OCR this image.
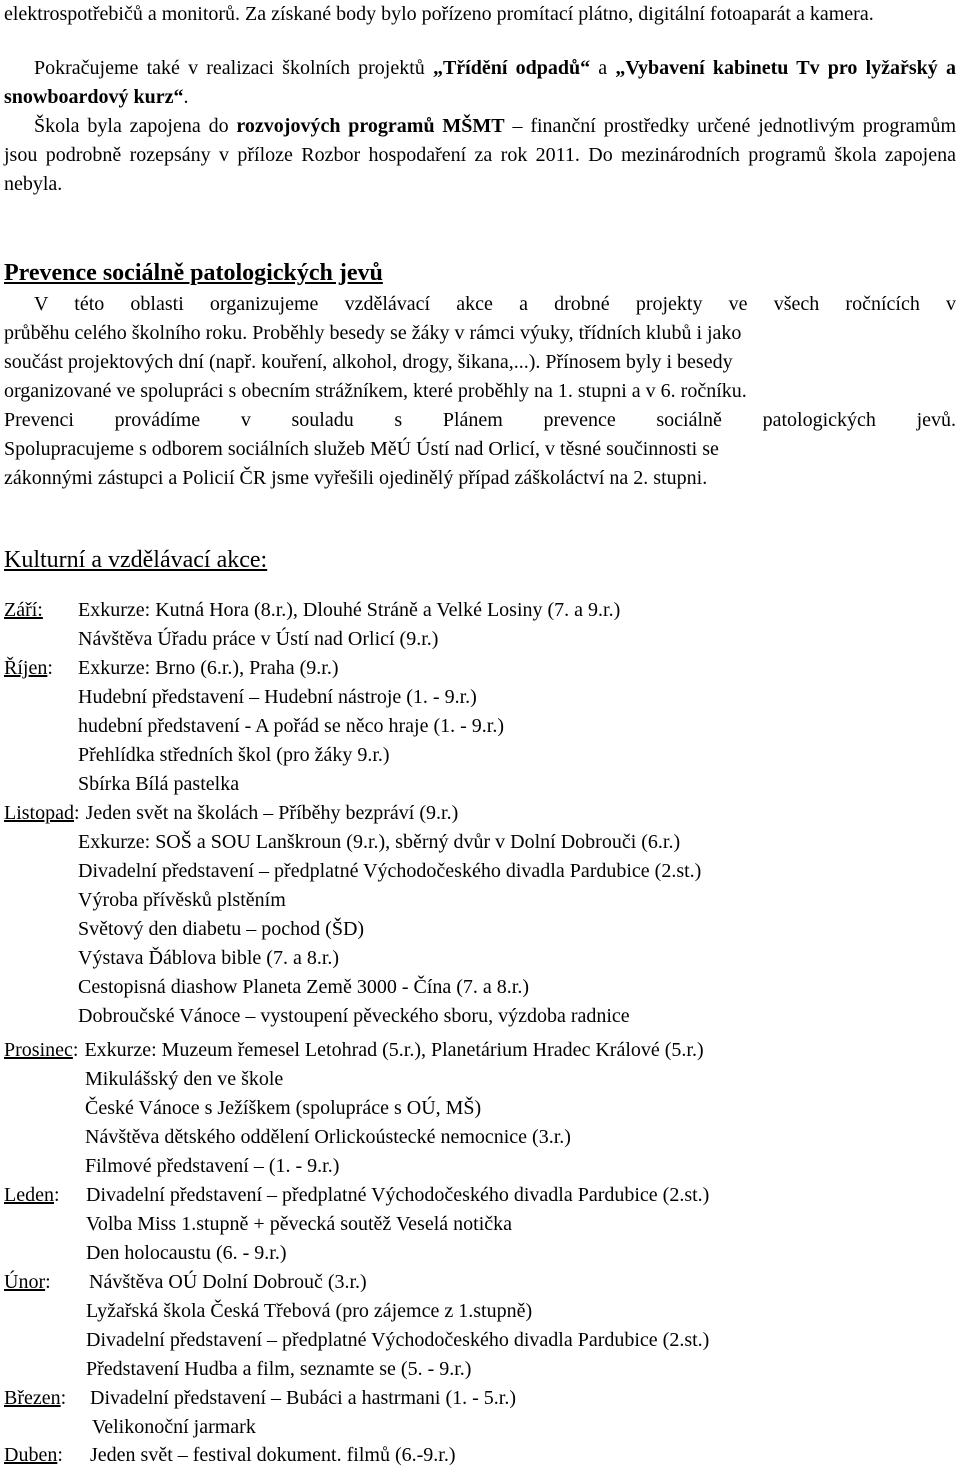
elektrospotřebičů a monitorů. Za získané body bylo pořízeno promítací plátno, digitální fotoaparát a kamera.
Pokračujeme také v realizaci školních projektů „Třídění odpadů“ a „Vybavení kabinetu Tv pro lyžařský a snowboardový kurz“.
Škola byla zapojena do rozvojových programů MŠMT – finanční prostředky určené jednotlivým programům jsou podrobně rozepsány v příloze Rozbor hospodaření za rok 2011. Do mezinárodních programů škola zapojena nebyla.
Prevence sociálně patologických jevů
V této oblasti organizujeme vzdělávací akce a drobné projekty ve všech ročnících v
průběhu celého školního roku. Proběhly besedy se žáky v rámci výuky, třídních klubů i jako
součást projektových dní (např. kouření, alkohol, drogy, šikana,...). Přínosem byly i besedy
organizované ve spolupráci s obecním strážníkem, které proběhly na 1. stupni a v 6. ročníku.
Prevenci provádíme v souladu s Plánem prevence sociálně patologických jevů.
Spolupracujeme s odborem sociálních služeb MěÚ Ústí nad Orlicí, v těsné součinnosti se
zákonnými zástupci a Policií ČR jsme vyřešili ojedinělý případ záškoláctví na 2. stupni.
Kulturní a vzdělávací akce:
Září: Exkurze: Kutná Hora (8.r.), Dlouhé Stráně a Velké Losiny (7. a 9.r.)
Návštěva Úřadu práce v Ústí nad Orlicí (9.r.)
Říjen: Exkurze: Brno (6.r.), Praha (9.r.)
Hudební představení – Hudební nástroje (1. - 9.r.)
hudební představení - A pořád se něco hraje (1. - 9.r.)
Přehlídka středních škol (pro žáky 9.r.)
Sbírka Bílá pastelka
Listopad: Jeden svět na školách – Příběhy bezpráví (9.r.)
Exkurze: SOŠ a SOU Lanškroun (9.r.), sběrný dvůr v Dolní Dobrouči (6.r.)
Divadelní představení – předplatné Východočeského divadla Pardubice (2.st.)
Výroba přívěsků plstěním
Světový den diabetu – pochod (ŠD)
Výstava Ďáblova bible (7. a 8.r.)
Cestopisná diashow Planeta Země 3000 - Čína (7. a 8.r.)
Dobroučské Vánoce – vystoupení pěveckého sboru, výzdoba radnice
Prosinec: Exkurze: Muzeum řemesel Letohrad (5.r.), Planetárium Hradec Králové (5.r.)
Mikulášský den ve škole
České Vánoce s Ježíškem (spolupráce s OÚ, MŠ)
Návštěva dětského oddělení Orlickoústecké nemocnice (3.r.)
Filmové představení – (1. - 9.r.)
Leden: Divadelní představení – předplatné Východočeského divadla Pardubice (2.st.)
Volba Miss 1.stupně + pěvecká soutěž Veselá notička
Den holocaustu (6. - 9.r.)
Únor: Návštěva OÚ Dolní Dobrouč (3.r.)
Lyžařská škola Česká Třebová (pro zájemce z 1.stupně)
Divadelní představení – předplatné Východočeského divadla Pardubice (2.st.)
Představení Hudba a film, seznamte se (5. - 9.r.)
Březen: Divadelní představení – Bubáci a hastrmani (1. - 5.r.)
Velikonoční jarmark
Duben: Jeden svět – festival dokument. filmů (6.-9.r.)
